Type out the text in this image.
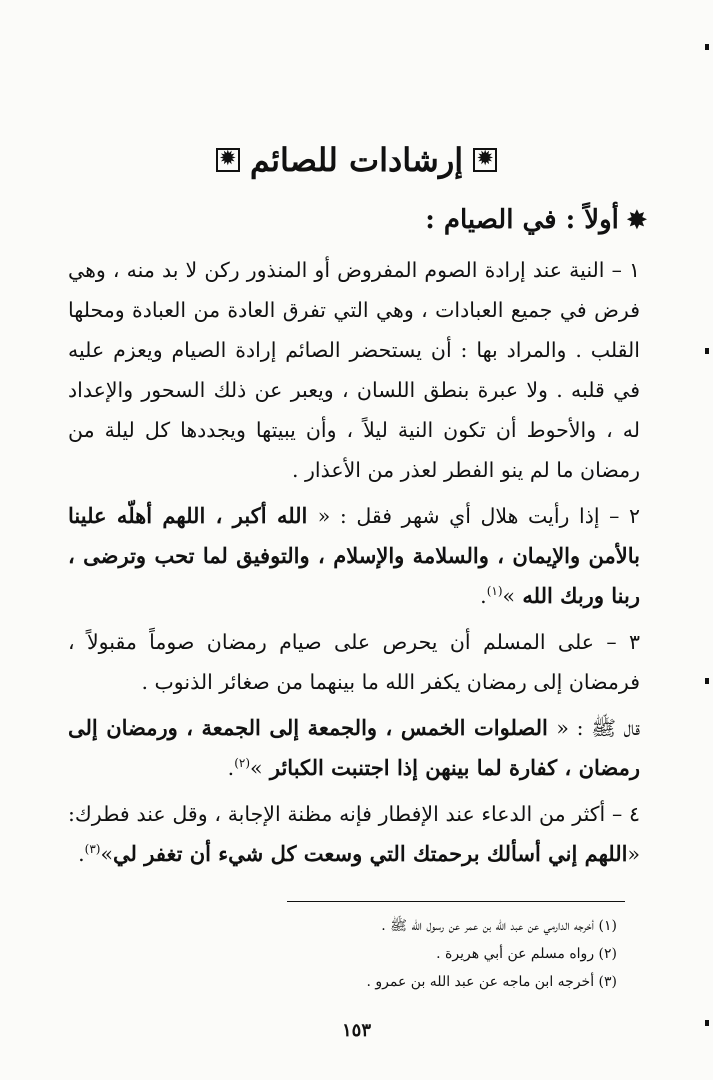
✹إرشادات للصائم✹
✸أولاً : في الصيام :

١ – النية عند إرادة الصوم المفروض أو المنذور ركن لا بد منه ، وهي فرض في جميع العبادات ، وهي التي تفرق العادة من العبادة ومحلها القلب . والمراد بها : أن يستحضر الصائم إرادة الصيام ويعزم عليه في قلبه . ولا عبرة بنطق اللسان ، ويعبر عن ذلك السحور والإعداد له ، والأحوط أن تكون النية ليلاً ، وأن يبيتها ويجددها كل ليلة من رمضان ما لم ينو الفطر لعذر من الأعذار .

٢ – إذا رأيت هلال أي شهر فقل : « الله أكبر ، اللهم أهلّه علينا بالأمن والإيمان ، والسلامة والإسلام ، والتوفيق لما تحب وترضى ، ربنا وربك الله »$^{(١)}$.

٣ – على المسلم أن يحرص على صيام رمضان صوماً مقبولاً ، فرمضان إلى رمضان يكفر الله ما بينهما من صغائر الذنوب .

قال ﷺ : « الصلوات الخمس ، والجمعة إلى الجمعة ، ورمضان إلى رمضان ، كفارة لما بينهن إذا اجتنبت الكبائر »$^{(٢)}$.

٤ – أكثر من الدعاء عند الإفطار فإنه مظنة الإجابة ، وقل عند فطرك: «اللهم إني أسألك برحمتك التي وسعت كل شيء أن تغفر لي»$^{(٣)}$.

(١) أخرجه الدارمي عن عبد الله بن عمر عن رسول الله ﷺ .
(٢) رواه مسلم عن أبي هريرة .
(٣) أخرجه ابن ماجه عن عبد الله بن عمرو .
١٥٣
